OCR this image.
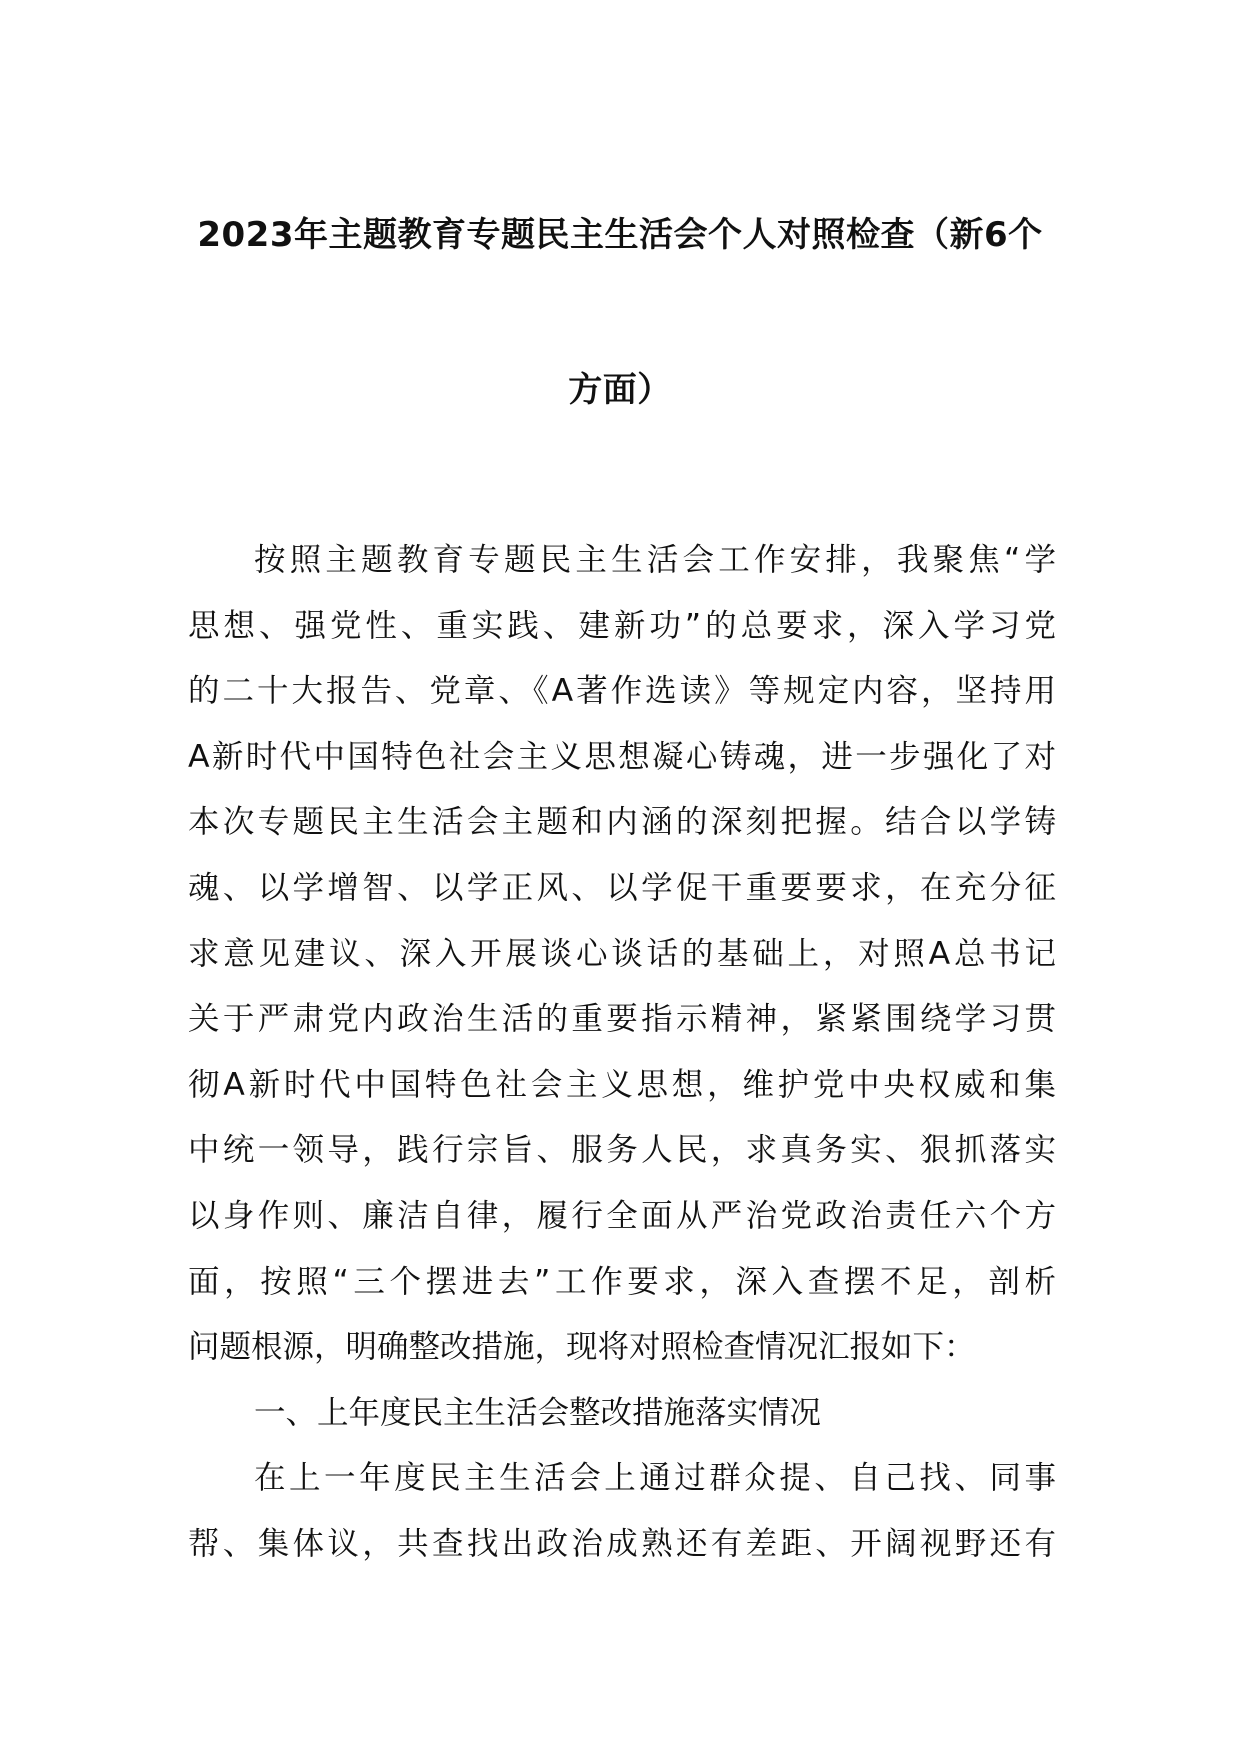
2023年主题教育专题民主生活会个人对照检查（新6个
方面）
按照主题教育专题民主生活会工作安排，我聚焦“学
思想、强党性、重实践、建新功”的总要求，深入学习党
的二十大报告、党章、《A著作选读》等规定内容，坚持用
A新时代中国特色社会主义思想凝心铸魂，进一步强化了对
本次专题民主生活会主题和内涵的深刻把握。结合以学铸
魂、以学增智、以学正风、以学促干重要要求，在充分征
求意见建议、深入开展谈心谈话的基础上，对照A总书记
关于严肃党内政治生活的重要指示精神，紧紧围绕学习贯
彻A新时代中国特色社会主义思想，维护党中央权威和集
中统一领导，践行宗旨、服务人民，求真务实、狠抓落实
以身作则、廉洁自律，履行全面从严治党政治责任六个方
面，按照“三个摆进去”工作要求，深入查摆不足，剖析
问题根源，明确整改措施，现将对照检查情况汇报如下：
一、上年度民主生活会整改措施落实情况
在上一年度民主生活会上通过群众提、自己找、同事
帮、集体议，共查找出政治成熟还有差距、开阔视野还有
